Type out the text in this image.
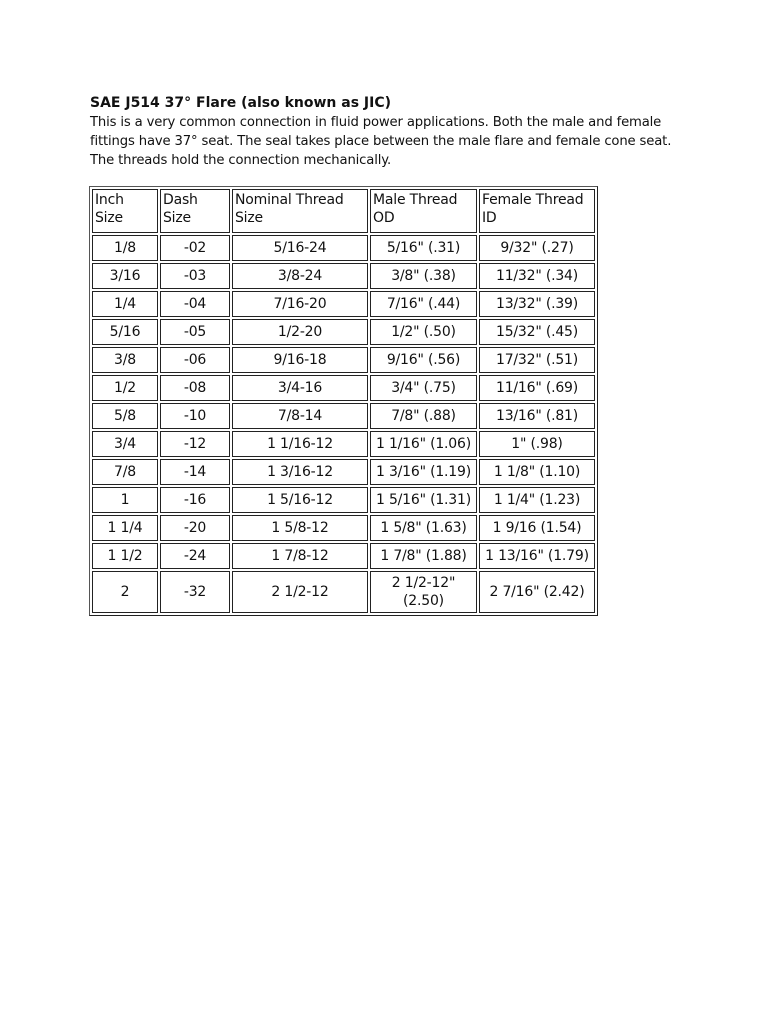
SAE J514 37° Flare (also known as JIC)

This is a very common connection in fluid power applications. Both the male and female fittings have 37° seat. The seal takes place between the male flare and female cone seat. The threads hold the connection mechanically.

Inch Size	Dash Size	Nominal Thread Size	Male Thread OD	Female Thread ID
1/8	-02	5/16-24	5/16" (.31)	9/32" (.27)
3/16	-03	3/8-24	3/8" (.38)	11/32" (.34)
1/4	-04	7/16-20	7/16" (.44)	13/32" (.39)
5/16	-05	1/2-20	1/2" (.50)	15/32" (.45)
3/8	-06	9/16-18	9/16" (.56)	17/32" (.51)
1/2	-08	3/4-16	3/4" (.75)	11/16" (.69)
5/8	-10	7/8-14	7/8" (.88)	13/16" (.81)
3/4	-12	1 1/16-12	1 1/16" (1.06)	1" (.98)
7/8	-14	1 3/16-12	1 3/16" (1.19)	1 1/8" (1.10)
1	-16	1 5/16-12	1 5/16" (1.31)	1 1/4" (1.23)
1 1/4	-20	1 5/8-12	1 5/8" (1.63)	1 9/16 (1.54)
1 1/2	-24	1 7/8-12	1 7/8" (1.88)	1 13/16" (1.79)
2	-32	2 1/2-12	2 1/2-12" (2.50)	2 7/16" (2.42)
